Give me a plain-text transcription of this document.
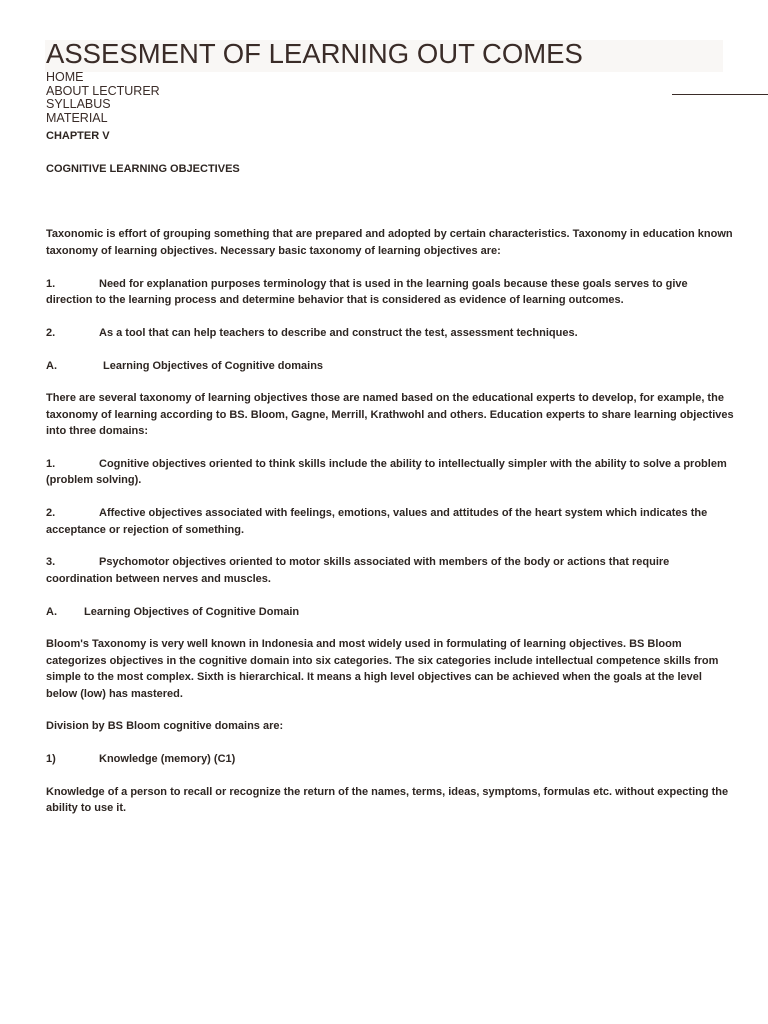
ASSESMENT OF LEARNING OUT COMES
HOME
ABOUT LECTURER
SYLLABUS
MATERIAL

CHAPTER V

COGNITIVE LEARNING OBJECTIVES

Taxonomic is effort of grouping something that are prepared and adopted by certain characteristics. Taxonomy in education known taxonomy of learning objectives. Necessary basic taxonomy of learning objectives are:

1.	Need for explanation purposes terminology that is used in the learning goals because these goals serves to give direction to the learning process and determine behavior that is considered as evidence of learning outcomes.

2.	As a tool that can help teachers to describe and construct the test, assessment techniques.

A.	Learning Objectives of Cognitive domains

There are several taxonomy of learning objectives those are named based on the educational experts to develop, for example, the taxonomy of learning according to BS. Bloom, Gagne, Merrill, Krathwohl and others. Education experts to share learning objectives into three domains:

1.	Cognitive objectives oriented to think skills include the ability to intellectually simpler with the ability to solve a problem (problem solving).

2.	Affective objectives associated with feelings, emotions, values and attitudes of the heart system which indicates the acceptance or rejection of something.

3.	Psychomotor objectives oriented to motor skills associated with members of the body or actions that require coordination between nerves and muscles.

A. Learning Objectives of Cognitive Domain

Bloom's Taxonomy is very well known in Indonesia and most widely used in formulating of learning objectives. BS Bloom categorizes objectives in the cognitive domain into six categories. The six categories include intellectual competence skills from simple to the most complex. Sixth is hierarchical. It means a high level objectives can be achieved when the goals at the level below (low) has mastered.

Division by BS Bloom cognitive domains are:

1)	Knowledge (memory) (C1)

Knowledge of a person to recall or recognize the return of the names, terms, ideas, symptoms, formulas etc. without expecting the ability to use it.
